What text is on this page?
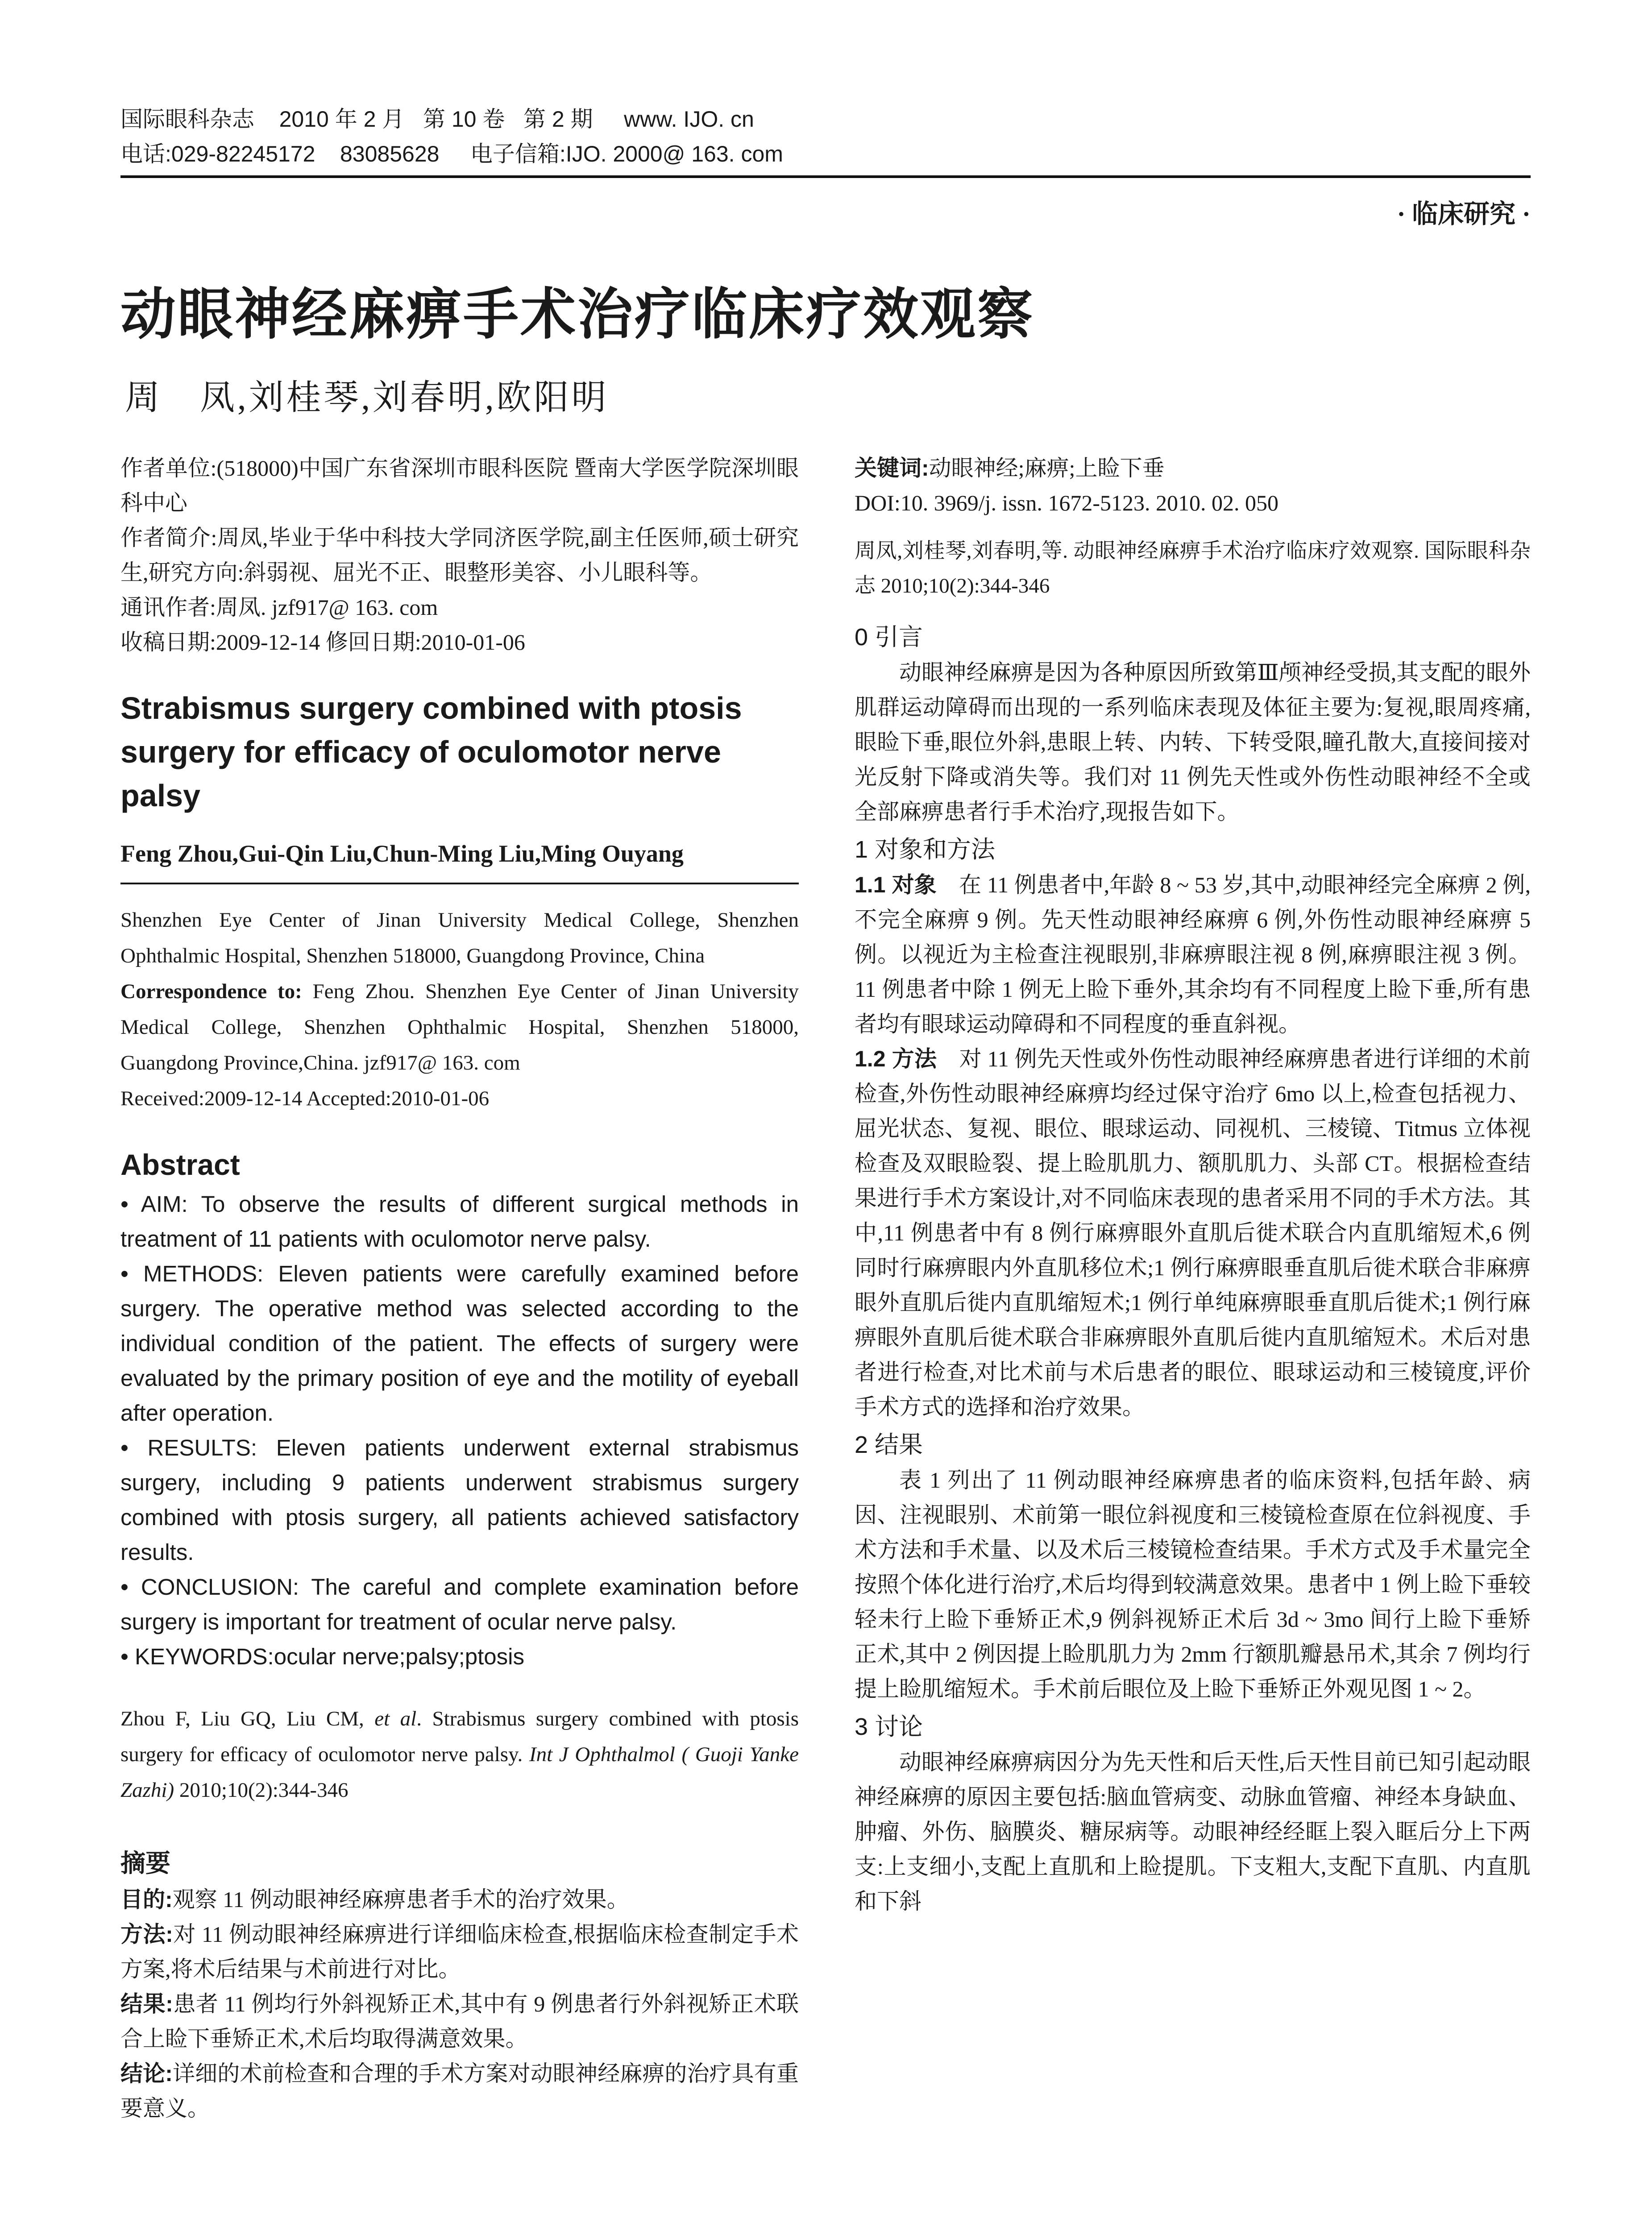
国际眼科杂志    2010 年 2 月   第 10 卷   第 2 期     www. IJO. cn
电话:029-82245172    83085628     电子信箱:IJO. 2000@ 163. com
· 临床研究 ·
动眼神经麻痹手术治疗临床疗效观察
周　凤,刘桂琴,刘春明,欧阳明

作者单位:(518000)中国广东省深圳市眼科医院 暨南大学医学院深圳眼科中心

作者简介:周凤,毕业于华中科技大学同济医学院,副主任医师,硕士研究生,研究方向:斜弱视、屈光不正、眼整形美容、小儿眼科等。

通讯作者:周凤. jzf917@ 163. com

收稿日期:2009-12-14 修回日期:2010-01-06

Strabismus surgery combined with ptosis surgery for efficacy of oculomotor nerve palsy
Feng Zhou,Gui-Qin Liu,Chun-Ming Liu,Ming Ouyang

Shenzhen Eye Center of Jinan University Medical College, Shenzhen Ophthalmic Hospital, Shenzhen 518000, Guangdong Province, China

Correspondence to: Feng Zhou. Shenzhen Eye Center of Jinan University Medical College, Shenzhen Ophthalmic Hospital, Shenzhen 518000, Guangdong Province,China. jzf917@ 163. com

Received:2009-12-14 Accepted:2010-01-06

Abstract

• AIM: To observe the results of different surgical methods in treatment of 11 patients with oculomotor nerve palsy.

• METHODS: Eleven patients were carefully examined before surgery. The operative method was selected according to the individual condition of the patient. The effects of surgery were evaluated by the primary position of eye and the motility of eyeball after operation.

• RESULTS: Eleven patients underwent external strabismus surgery, including 9 patients underwent strabismus surgery combined with ptosis surgery, all patients achieved satisfactory results.

• CONCLUSION: The careful and complete examination before surgery is important for treatment of ocular nerve palsy.

• KEYWORDS:ocular nerve;palsy;ptosis

Zhou F, Liu GQ, Liu CM, et al. Strabismus surgery combined with ptosis surgery for efficacy of oculomotor nerve palsy. Int J Ophthalmol ( Guoji Yanke Zazhi) 2010;10(2):344-346

摘要

目的:观察 11 例动眼神经麻痹患者手术的治疗效果。

方法:对 11 例动眼神经麻痹进行详细临床检查,根据临床检查制定手术方案,将术后结果与术前进行对比。

结果:患者 11 例均行外斜视矫正术,其中有 9 例患者行外斜视矫正术联合上睑下垂矫正术,术后均取得满意效果。

结论:详细的术前检查和合理的手术方案对动眼神经麻痹的治疗具有重要意义。

关键词:动眼神经;麻痹;上睑下垂

DOI:10. 3969/j. issn. 1672-5123. 2010. 02. 050

周凤,刘桂琴,刘春明,等. 动眼神经麻痹手术治疗临床疗效观察. 国际眼科杂志 2010;10(2):344-346

0 引言

动眼神经麻痹是因为各种原因所致第Ⅲ颅神经受损,其支配的眼外肌群运动障碍而出现的一系列临床表现及体征主要为:复视,眼周疼痛,眼睑下垂,眼位外斜,患眼上转、内转、下转受限,瞳孔散大,直接间接对光反射下降或消失等。我们对 11 例先天性或外伤性动眼神经不全或全部麻痹患者行手术治疗,现报告如下。

1 对象和方法

1.1 对象　在 11 例患者中,年龄 8 ~ 53 岁,其中,动眼神经完全麻痹 2 例,不完全麻痹 9 例。先天性动眼神经麻痹 6 例,外伤性动眼神经麻痹 5 例。以视近为主检查注视眼别,非麻痹眼注视 8 例,麻痹眼注视 3 例。11 例患者中除 1 例无上睑下垂外,其余均有不同程度上睑下垂,所有患者均有眼球运动障碍和不同程度的垂直斜视。

1.2 方法　对 11 例先天性或外伤性动眼神经麻痹患者进行详细的术前检查,外伤性动眼神经麻痹均经过保守治疗 6mo 以上,检查包括视力、屈光状态、复视、眼位、眼球运动、同视机、三棱镜、Titmus 立体视检查及双眼睑裂、提上睑肌肌力、额肌肌力、头部 CT。根据检查结果进行手术方案设计,对不同临床表现的患者采用不同的手术方法。其中,11 例患者中有 8 例行麻痹眼外直肌后徙术联合内直肌缩短术,6 例同时行麻痹眼内外直肌移位术;1 例行麻痹眼垂直肌后徙术联合非麻痹眼外直肌后徙内直肌缩短术;1 例行单纯麻痹眼垂直肌后徙术;1 例行麻痹眼外直肌后徙术联合非麻痹眼外直肌后徙内直肌缩短术。术后对患者进行检查,对比术前与术后患者的眼位、眼球运动和三棱镜度,评价手术方式的选择和治疗效果。

2 结果

表 1 列出了 11 例动眼神经麻痹患者的临床资料,包括年龄、病因、注视眼别、术前第一眼位斜视度和三棱镜检查原在位斜视度、手术方法和手术量、以及术后三棱镜检查结果。手术方式及手术量完全按照个体化进行治疗,术后均得到较满意效果。患者中 1 例上睑下垂较轻未行上睑下垂矫正术,9 例斜视矫正术后 3d ~ 3mo 间行上睑下垂矫正术,其中 2 例因提上睑肌肌力为 2mm 行额肌瓣悬吊术,其余 7 例均行提上睑肌缩短术。手术前后眼位及上睑下垂矫正外观见图 1 ~ 2。

3 讨论

动眼神经麻痹病因分为先天性和后天性,后天性目前已知引起动眼神经麻痹的原因主要包括:脑血管病变、动脉血管瘤、神经本身缺血、肿瘤、外伤、脑膜炎、糖尿病等。动眼神经经眶上裂入眶后分上下两支:上支细小,支配上直肌和上睑提肌。下支粗大,支配下直肌、内直肌和下斜
